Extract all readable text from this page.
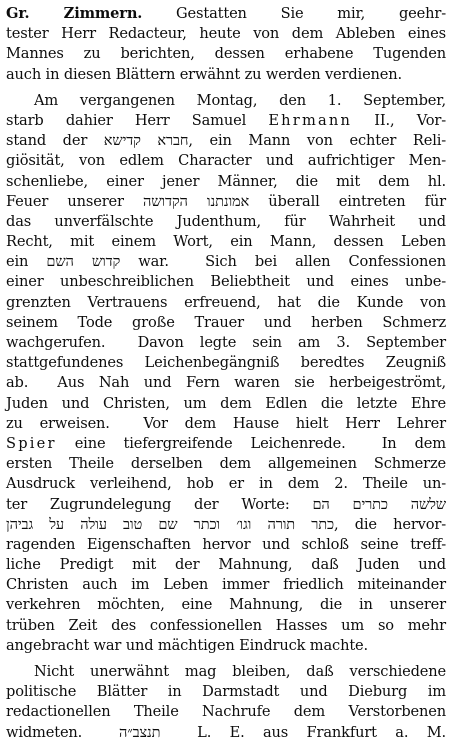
Gr. Zimmern. Gestatten Sie mir, geehr-
tester Herr Redacteur, heute von dem Ableben eines
Mannes zu berichten, dessen erhabene Tugenden
auch in diesen Blättern erwähnt zu werden verdienen.
Am vergangenen Montag, den 1. September,
starb dahier Herr Samuel Ehrmann II., Vor-
stand der חברא קדישא, ein Mann von echter Reli-
giösität, von edlem Character und aufrichtiger Men-
schenliebe, einer jener Männer, die mit dem hl.
Feuer unserer אמונתנו הקדושה überall eintreten für
das unverfälschte Judenthum, für Wahrheit und
Recht, mit einem Wort, ein Mann, dessen Leben
ein קדוש השם war.  Sich bei allen Confessionen
einer unbeschreiblichen Beliebtheit und eines unbe-
grenzten Vertrauens erfreuend, hat die Kunde von
seinem Tode große Trauer und herben Schmerz
wachgerufen.  Davon legte sein am 3. September
stattgefundenes Leichenbegängniß beredtes Zeugniß
ab.  Aus Nah und Fern waren sie herbeigeströmt,
Juden und Christen, um dem Edlen die letzte Ehre
zu erweisen.  Vor dem Hause hielt Herr Lehrer
Spier eine tiefergreifende Leichenrede.  In dem
ersten Theile derselben dem allgemeinen Schmerze
Ausdruck verleihend, hob er in dem 2. Theile un-
ter Zugrundelegung der Worte: שלשה כתרים הם
כתר תורה וגו׳ וכתר שם טוב עולה על גביהן, die hervor-
ragenden Eigenschaften hervor und schloß seine treff-
liche Predigt mit der Mahnung, daß Juden und
Christen auch im Leben immer friedlich miteinander
verkehren möchten, eine Mahnung, die in unserer
trüben Zeit des confessionellen Hasses um so mehr
angebracht war und mächtigen Eindruck machte.
Nicht unerwähnt mag bleiben, daß verschiedene
politische Blätter in Darmstadt und Dieburg im
redactionellen Theile Nachrufe dem Verstorbenen
widmeten.  תנצב״ה	L. E. aus Frankfurt a. M.
